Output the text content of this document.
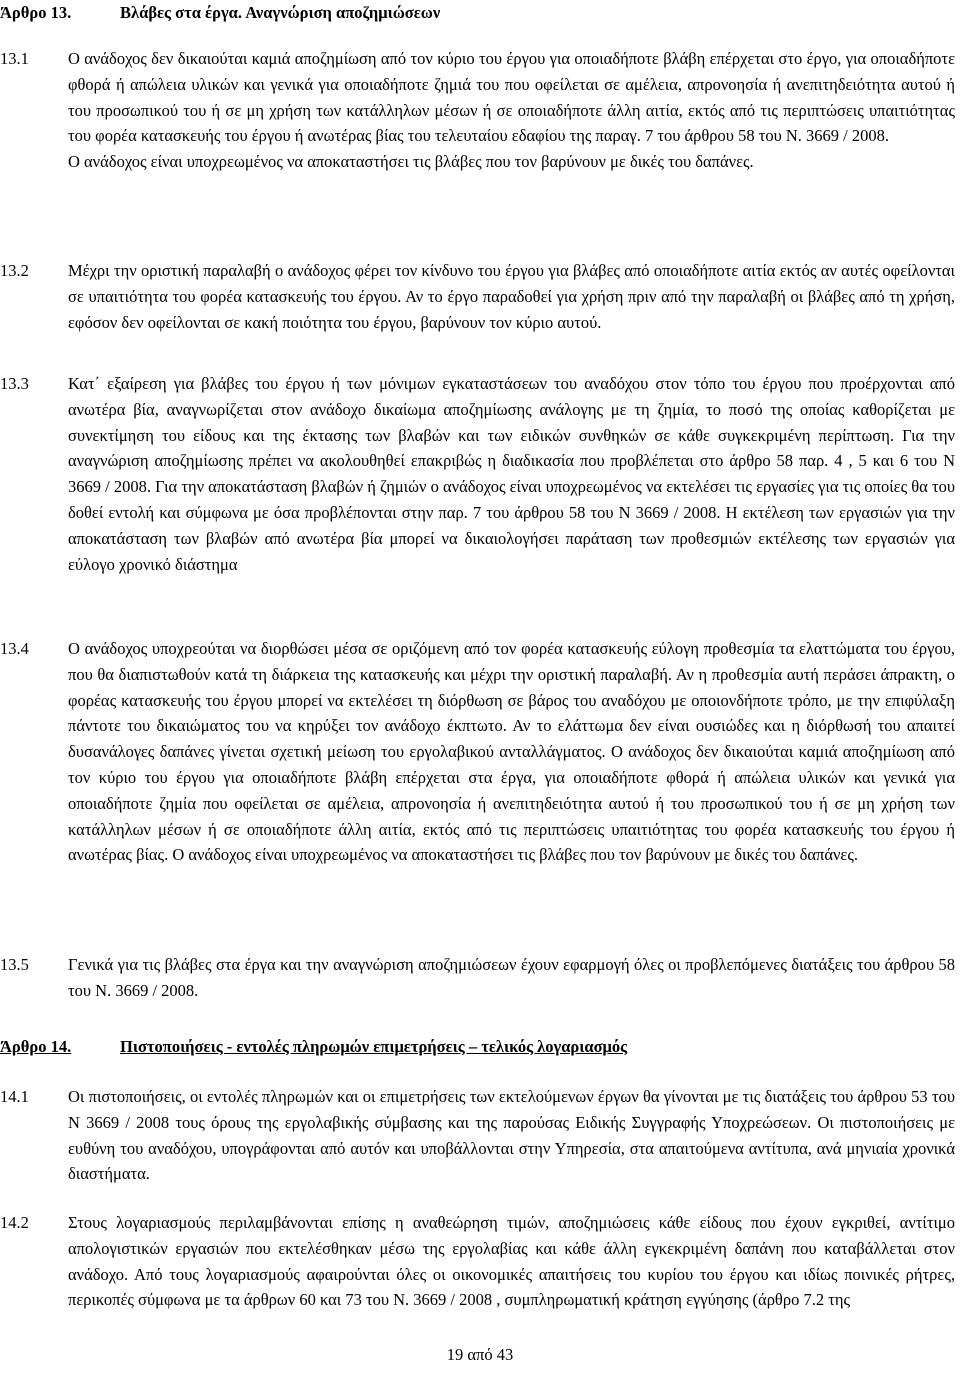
Άρθρο 13.	Βλάβες στα έργα. Αναγνώριση αποζημιώσεων
13.1	Ο ανάδοχος δεν δικαιούται καμιά αποζημίωση από τον κύριο του έργου για οποιαδήποτε βλάβη επέρχεται στο έργο, για οποιαδήποτε φθορά ή απώλεια υλικών και γενικά για οποιαδήποτε ζημιά του που οφείλεται σε αμέλεια, απρονοησία ή ανεπιτηδειότητα αυτού ή του προσωπικού του ή σε μη χρήση των κατάλληλων μέσων ή σε οποιαδήποτε άλλη αιτία, εκτός από τις περιπτώσεις υπαιτιότητας του φορέα κατασκευής του έργου ή ανωτέρας βίας του τελευταίου εδαφίου της παραγ. 7 του άρθρου 58 του Ν. 3669 / 2008.

Ο ανάδοχος είναι υποχρεωμένος να αποκαταστήσει τις βλάβες που τον βαρύνουν με δικές του δαπάνες.

13.2	Μέχρι την οριστική παραλαβή ο ανάδοχος φέρει τον κίνδυνο του έργου για βλάβες από οποιαδήποτε αιτία εκτός αν αυτές οφείλονται σε υπαιτιότητα του φορέα κατασκευής του έργου. Αν το έργο παραδοθεί για χρήση πριν από την παραλαβή οι βλάβες από τη χρήση, εφόσον δεν οφείλονται σε κακή ποιότητα του έργου, βαρύνουν τον κύριο αυτού.

13.3	Κατ΄ εξαίρεση για βλάβες του έργου ή των μόνιμων εγκαταστάσεων του αναδόχου στον τόπο του έργου που προέρχονται από ανωτέρα βία, αναγνωρίζεται στον ανάδοχο δικαίωμα αποζημίωσης ανάλογης με τη ζημία, το ποσό της οποίας καθορίζεται με συνεκτίμηση του είδους και της έκτασης των βλαβών και των ειδικών συνθηκών σε κάθε συγκεκριμένη περίπτωση. Για την αναγνώριση αποζημίωσης πρέπει να ακολουθηθεί επακριβώς η διαδικασία που προβλέπεται στο άρθρο 58 παρ. 4 , 5 και 6 του Ν 3669 / 2008. Για την αποκατάσταση βλαβών ή ζημιών ο ανάδοχος είναι υποχρεωμένος να εκτελέσει τις εργασίες για τις οποίες θα του δοθεί εντολή και σύμφωνα με όσα προβλέπονται στην παρ. 7 του άρθρου 58 του Ν 3669 / 2008. Η εκτέλεση των εργασιών για την αποκατάσταση των βλαβών από ανωτέρα βία μπορεί να δικαιολογήσει παράταση των προθεσμιών εκτέλεσης των εργασιών για εύλογο χρονικό διάστημα

13.4	Ο ανάδοχος υποχρεούται να διορθώσει μέσα σε οριζόμενη από τον φορέα κατασκευής εύλογη προθεσμία τα ελαττώματα του έργου, που θα διαπιστωθούν κατά τη διάρκεια της κατασκευής και μέχρι την οριστική παραλαβή. Αν η προθεσμία αυτή περάσει άπρακτη, ο φορέας κατασκευής του έργου μπορεί να εκτελέσει τη διόρθωση σε βάρος του αναδόχου με οποιονδήποτε τρόπο, με την επιφύλαξη πάντοτε του δικαιώματος του να κηρύξει τον ανάδοχο έκπτωτο. Αν το ελάττωμα δεν είναι ουσιώδες και η διόρθωσή του απαιτεί δυσανάλογες δαπάνες γίνεται σχετική μείωση του εργολαβικού ανταλλάγματος. Ο ανάδοχος δεν δικαιούται καμιά αποζημίωση από τον κύριο του έργου για οποιαδήποτε βλάβη επέρχεται στα έργα, για οποιαδήποτε φθορά ή απώλεια υλικών και γενικά για οποιαδήποτε ζημία που οφείλεται σε αμέλεια, απρονοησία ή ανεπιτηδειότητα αυτού ή του προσωπικού του ή σε μη χρήση των κατάλληλων μέσων ή σε οποιαδήποτε άλλη αιτία, εκτός από τις περιπτώσεις υπαιτιότητας του φορέα κατασκευής του έργου ή ανωτέρας βίας. Ο ανάδοχος είναι υποχρεωμένος να αποκαταστήσει τις βλάβες που τον βαρύνουν με δικές του δαπάνες.

13.5	Γενικά για τις βλάβες στα έργα και την αναγνώριση αποζημιώσεων έχουν εφαρμογή όλες οι προβλεπόμενες διατάξεις του άρθρου 58 του Ν. 3669 / 2008.

Άρθρο 14.	Πιστοποιήσεις - εντολές πληρωμών επιμετρήσεις – τελικός λογαριασμός
14.1	Οι πιστοποιήσεις, οι εντολές πληρωμών και οι επιμετρήσεις των εκτελούμενων έργων θα γίνονται με τις διατάξεις του άρθρου 53 του Ν 3669 / 2008 τους όρους της εργολαβικής σύμβασης και της παρούσας Ειδικής Συγγραφής Υποχρεώσεων. Οι πιστοποιήσεις με ευθύνη του αναδόχου, υπογράφονται από αυτόν και υποβάλλονται στην Υπηρεσία, στα απαιτούμενα αντίτυπα, ανά μηνιαία χρονικά διαστήματα.

14.2	Στους λογαριασμούς περιλαμβάνονται επίσης η αναθεώρηση τιμών, αποζημιώσεις κάθε είδους που έχουν εγκριθεί, αντίτιμο απολογιστικών εργασιών που εκτελέσθηκαν μέσω της εργολαβίας και κάθε άλλη εγκεκριμένη δαπάνη που καταβάλλεται στον ανάδοχο. Από τους λογαριασμούς αφαιρούνται όλες οι οικονομικές απαιτήσεις του κυρίου του έργου και ιδίως ποινικές ρήτρες, περικοπές σύμφωνα με τα άρθρων 60 και 73 του Ν. 3669 / 2008 , συμπληρωματική κράτηση εγγύησης (άρθρο 7.2 της

19 από 43
